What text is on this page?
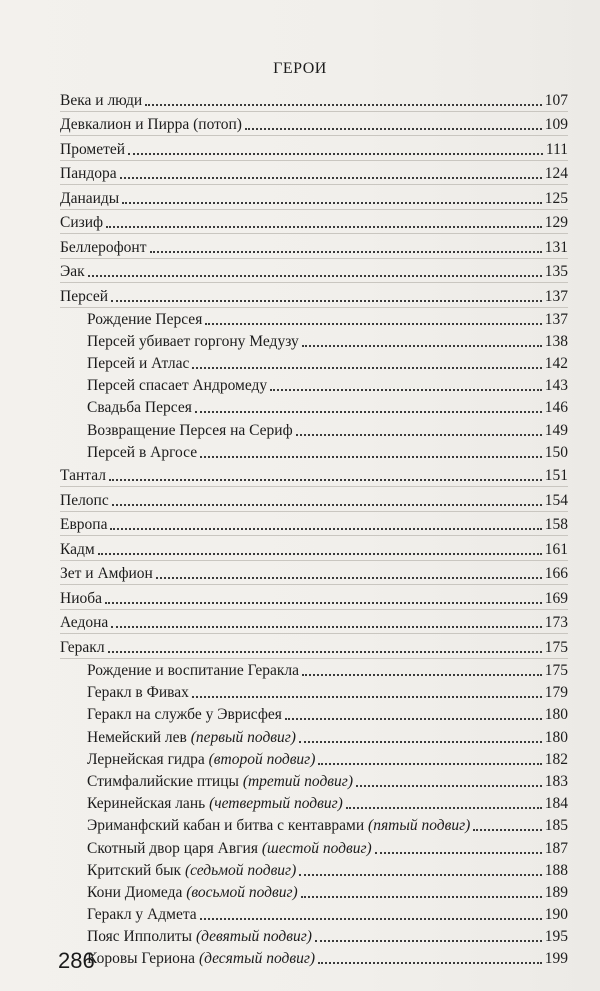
ГЕРОИ
Века и люди	107
Девкалион и Пирра (потоп)	109
Прометей	111
Пандора	124
Данаиды	125
Сизиф	129
Беллерофонт	131
Эак	135
Персей	137
Рождение Персея	137
Персей убивает горгону Медузу	138
Персей и Атлас	142
Персей спасает Андромеду	143
Свадьба Персея	146
Возвращение Персея на Сериф	149
Персей в Аргосе	150
Тантал	151
Пелопс	154
Европа	158
Кадм	161
Зет и Амфион	166
Ниоба	169
Аедона	173
Геракл	175
Рождение и воспитание Геракла	175
Геракл в Фивах	179
Геракл на службе у Эврисфея	180
Немейский лев (первый подвиг)	180
Лернейская гидра (второй подвиг)	182
Стимфалийские птицы (третий подвиг)	183
Керинейская лань (четвертый подвиг)	184
Эриманфский кабан и битва с кентаврами (пятый подвиг)	185
Скотный двор царя Авгия (шестой подвиг)	187
Критский бык (седьмой подвиг)	188
Кони Диомеда (восьмой подвиг)	189
Геракл у Адмета	190
Пояс Ипполиты (девятый подвиг)	195
Коровы Гериона (десятый подвиг)	199
286
